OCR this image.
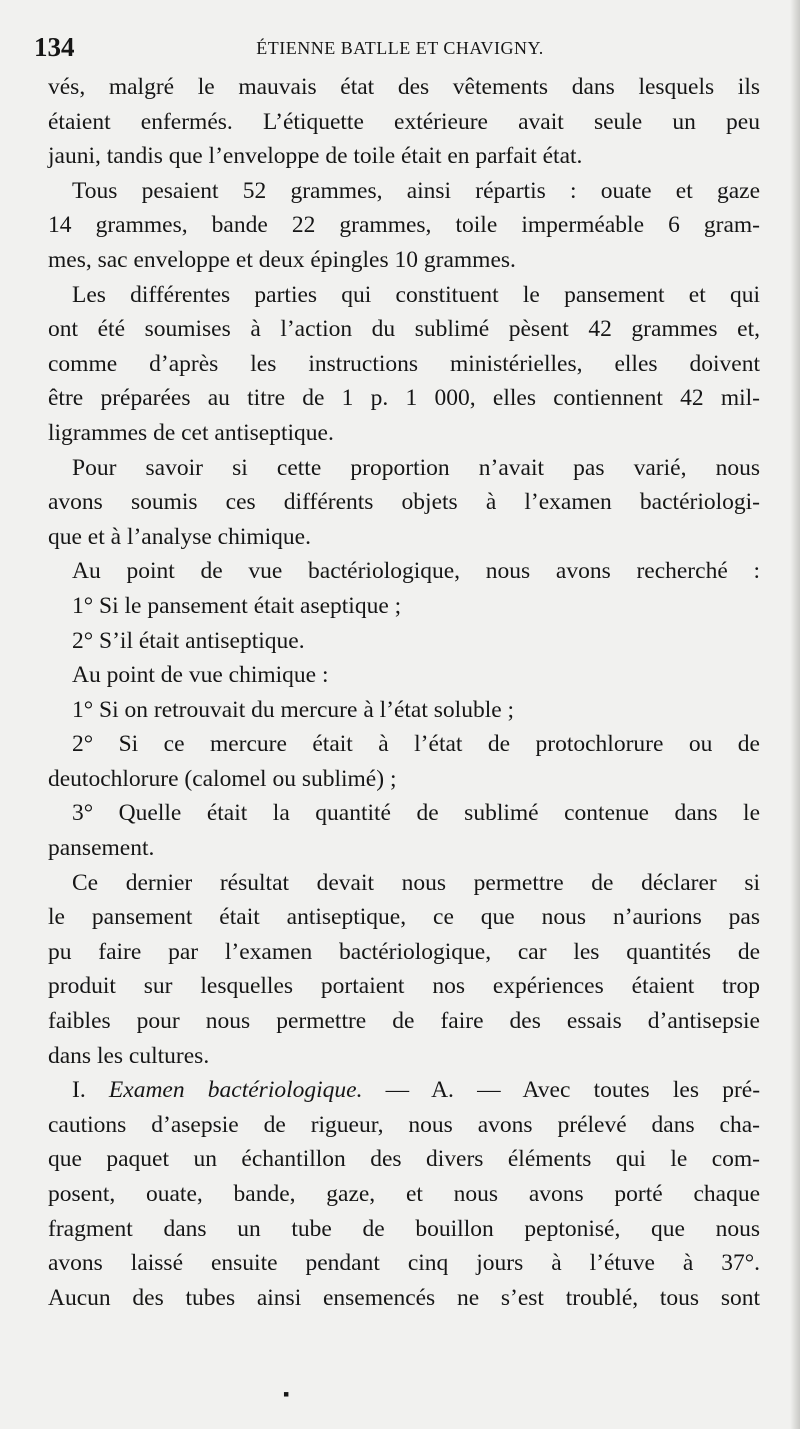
134	ÉTIENNE BATLLE ET CHAVIGNY.
vés, malgré le mauvais état des vêtements dans lesquels ils
étaient enfermés. L’étiquette extérieure avait seule un peu
jauni, tandis que l’enveloppe de toile était en parfait état.
Tous pesaient 52 grammes, ainsi répartis : ouate et gaze
14 grammes, bande 22 grammes, toile imperméable 6 gram-
mes, sac enveloppe et deux épingles 10 grammes.
Les différentes parties qui constituent le pansement et qui
ont été soumises à l’action du sublimé pèsent 42 grammes et,
comme d’après les instructions ministérielles, elles doivent
être préparées au titre de 1 p. 1 000, elles contiennent 42 mil-
ligrammes de cet antiseptique.
Pour savoir si cette proportion n’avait pas varié, nous
avons soumis ces différents objets à l’examen bactériologi-
que et à l’analyse chimique.
Au point de vue bactériologique, nous avons recherché :
1° Si le pansement était aseptique ;
2° S’il était antiseptique.
Au point de vue chimique :
1° Si on retrouvait du mercure à l’état soluble ;
2° Si ce mercure était à l’état de protochlorure ou de
deutochlorure (calomel ou sublimé) ;
3° Quelle était la quantité de sublimé contenue dans le
pansement.
Ce dernier résultat devait nous permettre de déclarer si
le pansement était antiseptique, ce que nous n’aurions pas
pu faire par l’examen bactériologique, car les quantités de
produit sur lesquelles portaient nos expériences étaient trop
faibles pour nous permettre de faire des essais d’antisepsie
dans les cultures.
I. Examen bactériologique. — A. — Avec toutes les pré-
cautions d’asepsie de rigueur, nous avons prélevé dans cha-
que paquet un échantillon des divers éléments qui le com-
posent, ouate, bande, gaze, et nous avons porté chaque
fragment dans un tube de bouillon peptonisé, que nous
avons laissé ensuite pendant cinq jours à l’étuve à 37°.
Aucun des tubes ainsi ensemencés ne s’est troublé, tous sont
▪
